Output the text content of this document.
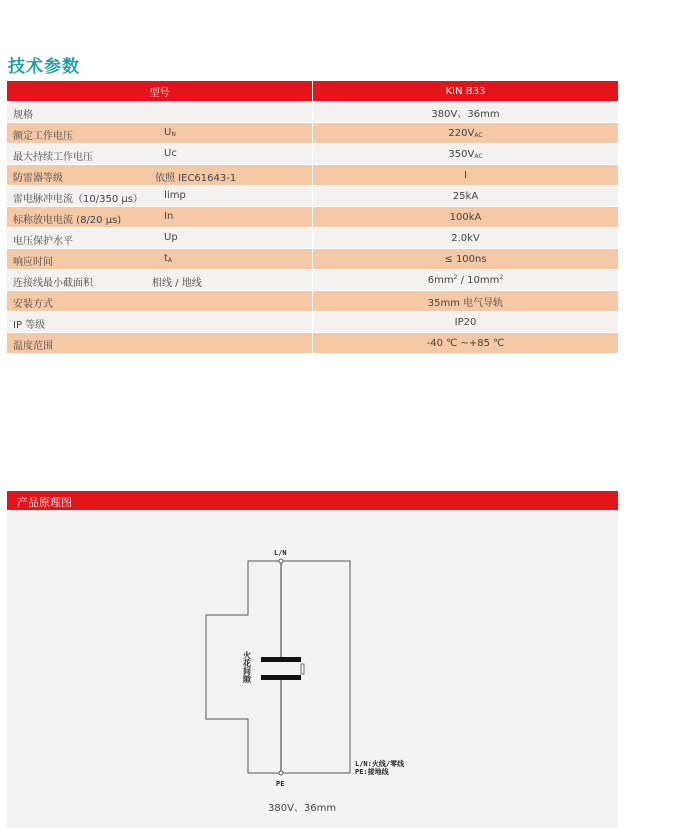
技术参数
型号	KIN B33

规格	380V、36mm

额定工作电压 $U_N$	$220V_{AC}$

最大持续工作电压 Uc	$350V_{AC}$

防雷器等级 依照 IEC61643-1	I

雷电脉冲电流（10/350 μs） Iimp	25kA

标称放电电流 (8/20 μs) In	100kA

电压保护水平 Up	2.0kV

响应时间 $t_A$	≤ 100ns

连接线最小截面积 相线 / 地线	$6mm^2 / 10mm^2$

安装方式	35mm 电气导轨

IP 等级	IP20

温度范围	-40 ℃ ~+85 ℃
产品原理图
L/N
PE
火花间隙
L/N:火线/零线
PE:接地线
380V、36mm
